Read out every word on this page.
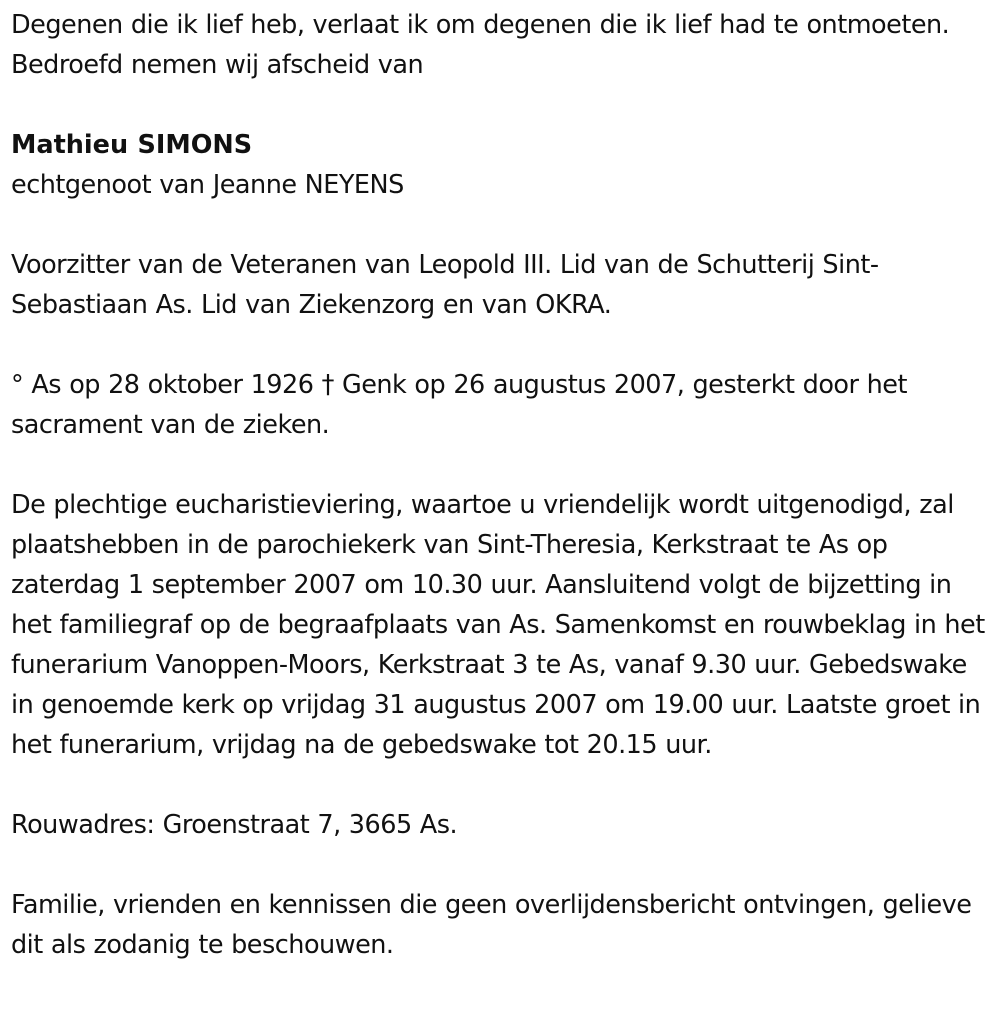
Degenen die ik lief heb, verlaat ik om degenen die ik lief had te ontmoeten. Bedroefd nemen wij afscheid van

Mathieu SIMONS

echtgenoot van Jeanne NEYENS

Voorzitter van de Veteranen van Leopold III. Lid van de Schutterij Sint-Sebastiaan As. Lid van Ziekenzorg en van OKRA.

° As op 28 oktober 1926 † Genk op 26 augustus 2007, gesterkt door het sacrament van de zieken.

De plechtige eucharistieviering, waartoe u vriendelijk wordt uitgenodigd, zal plaatshebben in de parochiekerk van Sint-Theresia, Kerkstraat te As op zaterdag 1 september 2007 om 10.30 uur. Aansluitend volgt de bijzetting in het familiegraf op de begraafplaats van As. Samenkomst en rouwbeklag in het funerarium Vanoppen-Moors, Kerkstraat 3 te As, vanaf 9.30 uur. Gebedswake in genoemde kerk op vrijdag 31 augustus 2007 om 19.00 uur. Laatste groet in het funerarium, vrijdag na de gebedswake tot 20.15 uur.

Rouwadres: Groenstraat 7, 3665 As.

Familie, vrienden en kennissen die geen overlijdensbericht ontvingen, gelieve dit als zodanig te beschouwen.
